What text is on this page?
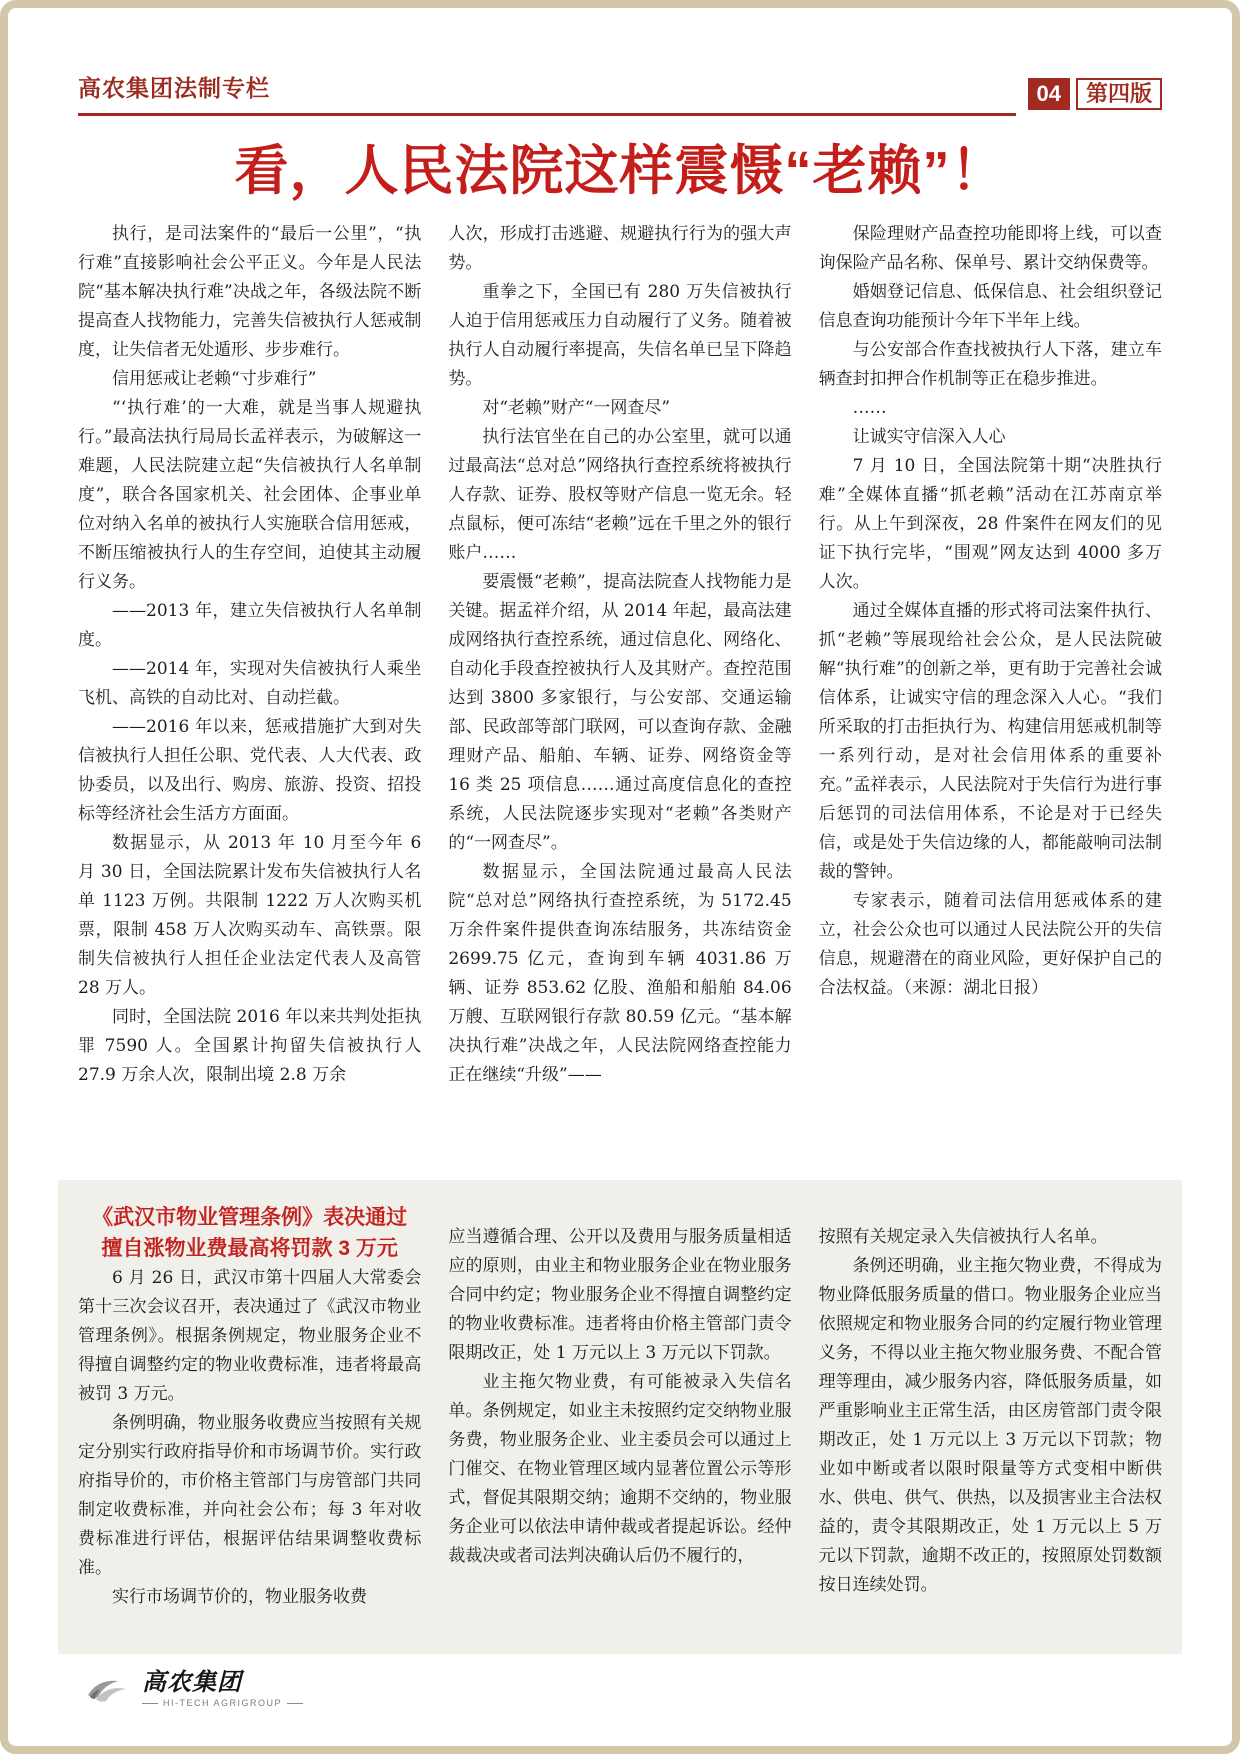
高农集团法制专栏	04	第四版
看，人民法院这样震慑“老赖”！

执行，是司法案件的“最后一公里”，“执行难”直接影响社会公平正义。今年是人民法院“基本解决执行难”决战之年，各级法院不断提高查人找物能力，完善失信被执行人惩戒制度，让失信者无处遁形、步步难行。

信用惩戒让老赖“寸步难行”

“‘执行难’的一大难，就是当事人规避执行。”最高法执行局局长孟祥表示，为破解这一难题，人民法院建立起“失信被执行人名单制度”，联合各国家机关、社会团体、企事业单位对纳入名单的被执行人实施联合信用惩戒，不断压缩被执行人的生存空间，迫使其主动履行义务。

——2013 年，建立失信被执行人名单制度。

——2014 年，实现对失信被执行人乘坐飞机、高铁的自动比对、自动拦截。

——2016 年以来，惩戒措施扩大到对失信被执行人担任公职、党代表、人大代表、政协委员，以及出行、购房、旅游、投资、招投标等经济社会生活方方面面。

数据显示，从 2013 年 10 月至今年 6 月 30 日，全国法院累计发布失信被执行人名单 1123 万例。共限制 1222 万人次购买机票，限制 458 万人次购买动车、高铁票。限制失信被执行人担任企业法定代表人及高管 28 万人。

同时，全国法院 2016 年以来共判处拒执罪 7590 人。全国累计拘留失信被执行人 27.9 万余人次，限制出境 2.8 万余

人次，形成打击逃避、规避执行行为的强大声势。

重拳之下，全国已有 280 万失信被执行人迫于信用惩戒压力自动履行了义务。随着被执行人自动履行率提高，失信名单已呈下降趋势。

对“老赖”财产“一网查尽”

执行法官坐在自己的办公室里，就可以通过最高法“总对总”网络执行查控系统将被执行人存款、证券、股权等财产信息一览无余。轻点鼠标，便可冻结“老赖”远在千里之外的银行账户……

要震慑“老赖”，提高法院查人找物能力是关键。据孟祥介绍，从 2014 年起，最高法建成网络执行查控系统，通过信息化、网络化、自动化手段查控被执行人及其财产。查控范围达到 3800 多家银行，与公安部、交通运输部、民政部等部门联网，可以查询存款、金融理财产品、船舶、车辆、证券、网络资金等 16 类 25 项信息……通过高度信息化的查控系统，人民法院逐步实现对“老赖”各类财产的“一网查尽”。

数据显示，全国法院通过最高人民法院“总对总”网络执行查控系统，为 5172.45 万余件案件提供查询冻结服务，共冻结资金 2699.75 亿元，查询到车辆 4031.86 万辆、证券 853.62 亿股、渔船和船舶 84.06 万艘、互联网银行存款 80.59 亿元。“基本解决执行难”决战之年，人民法院网络查控能力正在继续“升级”——

保险理财产品查控功能即将上线，可以查询保险产品名称、保单号、累计交纳保费等。

婚姻登记信息、低保信息、社会组织登记信息查询功能预计今年下半年上线。

与公安部合作查找被执行人下落，建立车辆查封扣押合作机制等正在稳步推进。

……

让诚实守信深入人心

7 月 10 日，全国法院第十期“决胜执行难”全媒体直播“抓老赖”活动在江苏南京举行。从上午到深夜，28 件案件在网友们的见证下执行完毕，“围观”网友达到 4000 多万人次。

通过全媒体直播的形式将司法案件执行、抓“老赖”等展现给社会公众，是人民法院破解“执行难”的创新之举，更有助于完善社会诚信体系，让诚实守信的理念深入人心。“我们所采取的打击拒执行为、构建信用惩戒机制等一系列行动，是对社会信用体系的重要补充。”孟祥表示，人民法院对于失信行为进行事后惩罚的司法信用体系，不论是对于已经失信，或是处于失信边缘的人，都能敲响司法制裁的警钟。

专家表示，随着司法信用惩戒体系的建立，社会公众也可以通过人民法院公开的失信信息，规避潜在的商业风险，更好保护自己的合法权益。（来源：湖北日报）

《武汉市物业管理条例》表决通过

擅自涨物业费最高将罚款 3 万元

6 月 26 日，武汉市第十四届人大常委会第十三次会议召开，表决通过了《武汉市物业管理条例》。根据条例规定，物业服务企业不得擅自调整约定的物业收费标准，违者将最高被罚 3 万元。

条例明确，物业服务收费应当按照有关规定分别实行政府指导价和市场调节价。实行政府指导价的，市价格主管部门与房管部门共同制定收费标准，并向社会公布；每 3 年对收费标准进行评估，根据评估结果调整收费标准。

实行市场调节价的，物业服务收费

应当遵循合理、公开以及费用与服务质量相适应的原则，由业主和物业服务企业在物业服务合同中约定；物业服务企业不得擅自调整约定的物业收费标准。违者将由价格主管部门责令限期改正，处 1 万元以上 3 万元以下罚款。

业主拖欠物业费，有可能被录入失信名单。条例规定，如业主未按照约定交纳物业服务费，物业服务企业、业主委员会可以通过上门催交、在物业管理区域内显著位置公示等形式，督促其限期交纳；逾期不交纳的，物业服务企业可以依法申请仲裁或者提起诉讼。经仲裁裁决或者司法判决确认后仍不履行的，

按照有关规定录入失信被执行人名单。

条例还明确，业主拖欠物业费，不得成为物业降低服务质量的借口。物业服务企业应当依照规定和物业服务合同的约定履行物业管理义务，不得以业主拖欠物业服务费、不配合管理等理由，减少服务内容，降低服务质量，如严重影响业主正常生活，由区房管部门责令限期改正，处 1 万元以上 3 万元以下罚款；物业如中断或者以限时限量等方式变相中断供水、供电、供气、供热，以及损害业主合法权益的，责令其限期改正，处 1 万元以上 5 万元以下罚款，逾期不改正的，按照原处罚数额按日连续处罚。

高农集团
HI-TECH AGRIGROUP
